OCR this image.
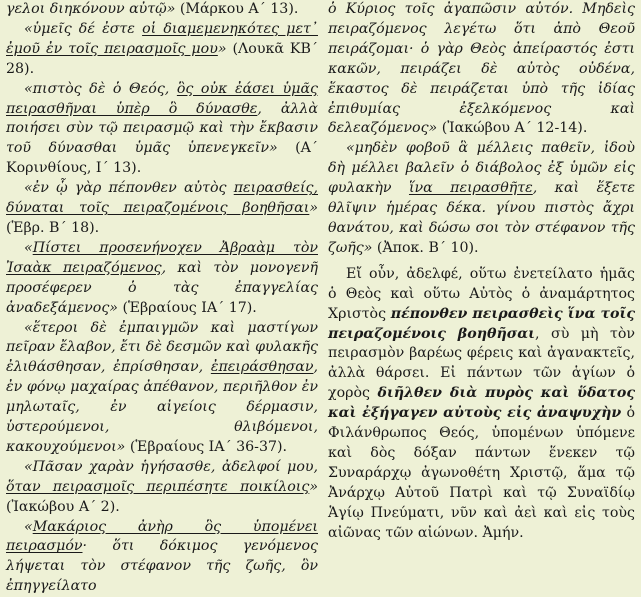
γελοι διηκόνουν αὐτῷ» (Μάρκου Α΄ 13).

«ὑμεῖς δέ ἐστε οἱ διαμεμενηκότες μετ᾿ ἐμοῦ ἐν τοῖς πειρασμοῖς μου» (Λουκᾶ ΚΒ΄ 28).

«πιστὸς δὲ ὁ Θεός, ὃς οὐκ ἐάσει ὑμᾶς πειρασθῆναι ὑπὲρ ὃ δύνασθε, ἀλλὰ ποιήσει σὺν τῷ πειρασμῷ καὶ τὴν ἔκβασιν τοῦ δύνασθαι ὑμᾶς ὑπενεγκεῖν» (Α΄ Κορινθίους, Ι΄ 13).

«ἐν ᾧ γὰρ πέπονθεν αὐτὸς πειρασθείς, δύναται τοῖς πειραζομένοις βοηθῆσαι» (Ἑβρ. Β΄ 18).

«Πίστει προσενήνοχεν Ἀβραὰμ τὸν Ἰσαὰκ πειραζόμενος, καὶ τὸν μονογενῆ προσέφερεν ὁ τὰς ἐπαγγελίας ἀναδεξάμενος» (Ἑβραίους ΙΑ΄ 17).

«ἕτεροι δὲ ἐμπαιγμῶν καὶ μαστίγων πεῖραν ἔλαβον, ἔτι δὲ δεσμῶν καὶ φυλακῆς ἐλιθάσθησαν, ἐπρίσθησαν, ἐπειράσθησαν, ἐν φόνῳ μαχαίρας ἀπέθανον, περιῆλθον ἐν μηλωταῖς, ἐν αἰγείοις δέρμασιν, ὑστερούμενοι, θλιβόμενοι, κακουχούμενοι» (Ἑβραίους ΙΑ΄ 36-37).

«Πᾶσαν χαρὰν ἡγήσασθε, ἀδελφοί μου, ὅταν πειρασμοῖς περιπέσητε ποικίλοις» (Ἰακώβου Α΄ 2).

«Μακάριος ἀνὴρ ὃς ὑπομένει πειρασμόν· ὅτι δόκιμος γενόμενος λήψεται τὸν στέφανον τῆς ζωῆς, ὃν ἐπηγγείλατο

ὁ Κύριος τοῖς ἀγαπῶσιν αὐτόν. Μηδεὶς πειραζόμενος λεγέτω ὅτι ἀπὸ Θεοῦ πειράζομαι· ὁ γὰρ Θεὸς ἀπείραστός ἐστι κακῶν, πειράζει δὲ αὐτὸς οὐδένα, ἕκαστος δὲ πειράζεται ὑπὸ τῆς ἰδίας ἐπιθυμίας ἐξελκόμενος καὶ δελεαζόμενος» (Ἰακώβου Α΄ 12-14).

«μηδὲν φοβοῦ ἃ μέλλεις παθεῖν, ἰδοὺ δὴ μέλλει βαλεῖν ὁ διάβολος ἐξ ὑμῶν εἰς φυλακὴν ἵνα πειρασθῆτε, καὶ ἕξετε θλῖψιν ἡμέρας δέκα. γίνου πιστὸς ἄχρι θανάτου, καὶ δώσω σοι τὸν στέφανον τῆς ζωῆς» (Ἀποκ. Β΄ 10).

Εἴ οὖν, ἀδελφέ, οὕτω ἐνετείλατο ἡμᾶς ὁ Θεὸς καὶ οὕτω Αὐτὸς ὁ ἀναμάρτητος Χριστὸς πέπονθεν πειρασθεὶς ἵνα τοῖς πειραζομένοις βοηθῆσαι, σὺ μὴ τὸν πειρασμὸν βαρέως φέρεις καὶ ἀγανακτεῖς, ἀλλὰ θάρσει. Εἰ πάντων τῶν ἁγίων ὁ χορὸς διῆλθεν διὰ πυρὸς καὶ ὕδατος καὶ ἐξήγαγεν αὐτοὺς εἰς ἀναψυχὴν ὁ Φιλάνθρωπος Θεός, ὑπομένων ὑπόμενε καὶ δὸς δόξαν πάντων ἕνεκεν τῷ Συναράρχῳ ἀγωνοθέτη Χριστῷ, ἅμα τῷ Ἀνάρχῳ Αὐτοῦ Πατρὶ καὶ τῷ Συναϊδίῳ Ἁγίῳ Πνεύματι, νῦν καὶ ἀεὶ καὶ εἰς τοὺς αἰῶνας τῶν αἰώνων. Ἀμήν.
